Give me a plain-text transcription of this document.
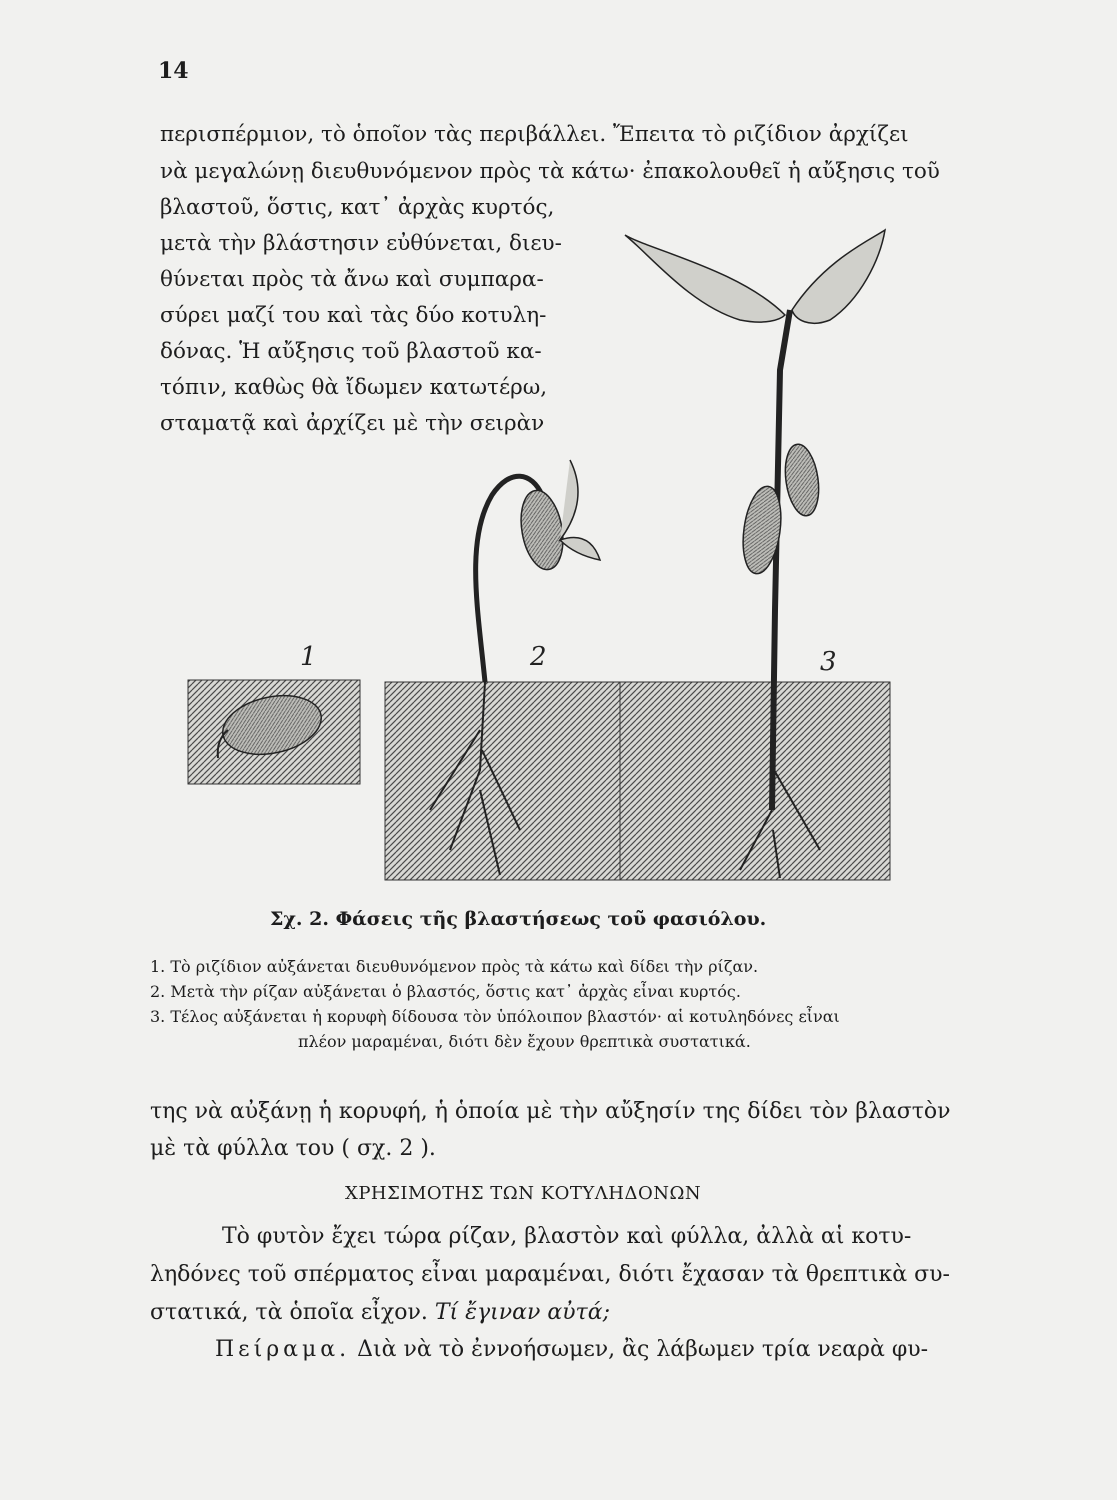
14
περισπέρμιον, τὸ ὁποῖον τὰς περιβάλλει. Ἔπειτα τὸ ριζίδιον ἀρχίζει
νὰ μεγαλώνῃ διευθυνόμενον πρὸς τὰ κάτω· ἐπακολουθεῖ ἡ αὔξησις τοῦ
βλαστοῦ, ὅστις, κατ᾿ ἀρχὰς κυρτός,
μετὰ τὴν βλάστησιν εὐθύνεται, διευ-
θύνεται πρὸς τὰ ἄνω καὶ συμπαρα-
σύρει μαζί του καὶ τὰς δύο κοτυλη-
δόνας. Ἡ αὔξησις τοῦ βλαστοῦ κα-
τόπιν, καθὼς θὰ ἴδωμεν κατωτέρω,
σταματᾷ καὶ ἀρχίζει μὲ τὴν σειρὰν
1	2	3
Σχ. 2. Φάσεις τῆς βλαστήσεως τοῦ φασιόλου.
1. Τὸ ριζίδιον αὐξάνεται διευθυνόμενον πρὸς τὰ κάτω καὶ δίδει τὴν ρίζαν.
2. Μετὰ τὴν ρίζαν αὐξάνεται ὁ βλαστός, ὅστις κατ᾿ ἀρχὰς εἶναι κυρτός.
3. Τέλος αὐξάνεται ἡ κορυφὴ δίδουσα τὸν ὑπόλοιπον βλαστόν· αἱ κοτυληδόνες εἶναι
πλέον μαραμέναι, διότι δὲν ἔχουν θρεπτικὰ συστατικά.
της νὰ αὐξάνῃ ἡ κορυφή, ἡ ὁποία μὲ τὴν αὔξησίν της δίδει τὸν βλαστὸν
μὲ τὰ φύλλα του ( σχ. 2 ).
ΧΡΗΣΙΜΟΤΗΣ ΤΩΝ ΚΟΤΥΛΗΔΟΝΩΝ
Τὸ φυτὸν ἔχει τώρα ρίζαν, βλαστὸν καὶ φύλλα, ἀλλὰ αἱ κοτυ-
ληδόνες τοῦ σπέρματος εἶναι μαραμέναι, διότι ἔχασαν τὰ θρεπτικὰ συ-
στατικά, τὰ ὁποῖα εἶχον. Τί ἔγιναν αὐτά;
Πείραμα. Διὰ νὰ τὸ ἐννοήσωμεν, ἂς λάβωμεν τρία νεαρὰ φυ-
